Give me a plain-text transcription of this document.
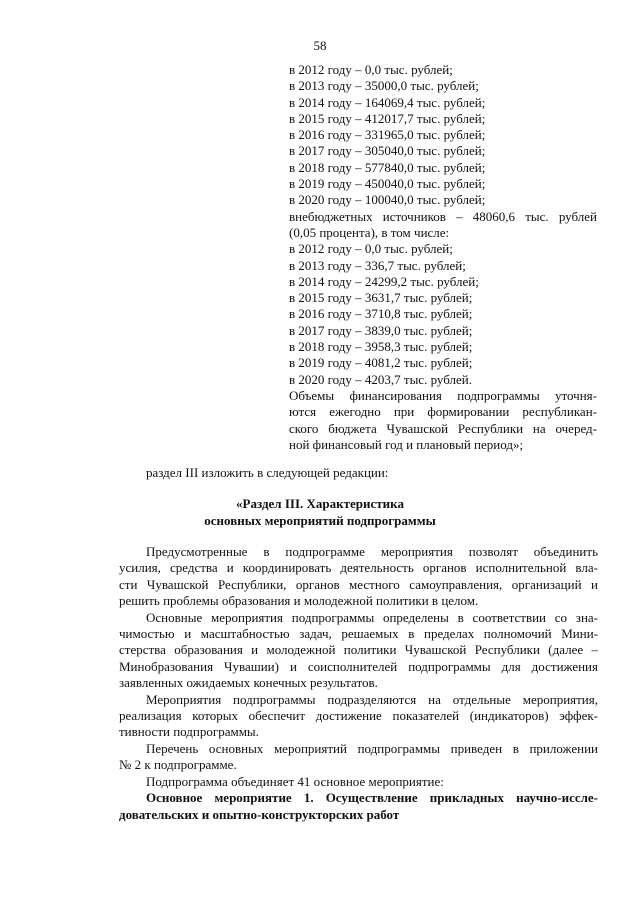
58
в 2012 году – 0,0 тыс. рублей;
в 2013 году – 35000,0 тыс. рублей;
в 2014 году – 164069,4 тыс. рублей;
в 2015 году – 412017,7 тыс. рублей;
в 2016 году – 331965,0 тыс. рублей;
в 2017 году – 305040,0 тыс. рублей;
в 2018 году – 577840,0 тыс. рублей;
в 2019 году – 450040,0 тыс. рублей;
в 2020 году – 100040,0 тыс. рублей;
внебюджетных источников – 48060,6 тыс. рублей
(0,05 процента), в том числе:
в 2012 году – 0,0 тыс. рублей;
в 2013 году – 336,7 тыс. рублей;
в 2014 году – 24299,2 тыс. рублей;
в 2015 году – 3631,7 тыс. рублей;
в 2016 году – 3710,8 тыс. рублей;
в 2017 году – 3839,0 тыс. рублей;
в 2018 году – 3958,3 тыс. рублей;
в 2019 году – 4081,2 тыс. рублей;
в 2020 году – 4203,7 тыс. рублей.
Объемы финансирования подпрограммы уточня-
ются ежегодно при формировании республикан-
ского бюджета Чувашской Республики на очеред-
ной финансовый год и плановый период»;
раздел III изложить в следующей редакции:
«Раздел III. Характеристика
основных мероприятий подпрограммы
Предусмотренные в подпрограмме мероприятия позволят объединить
усилия, средства и координировать деятельность органов исполнительной вла-
сти Чувашской Республики, органов местного самоуправления, организаций и
решить проблемы образования и молодежной политики в целом.
Основные мероприятия подпрограммы определены в соответствии со зна-
чимостью и масштабностью задач, решаемых в пределах полномочий Мини-
стерства образования и молодежной политики Чувашской Республики (далее –
Минобразования Чувашии) и соисполнителей подпрограммы для достижения
заявленных ожидаемых конечных результатов.
Мероприятия подпрограммы подразделяются на отдельные мероприятия,
реализация которых обеспечит достижение показателей (индикаторов) эффек-
тивности подпрограммы.
Перечень основных мероприятий подпрограммы приведен в приложении
№ 2 к подпрограмме.
Подпрограмма объединяет 41 основное мероприятие:
Основное мероприятие 1. Осуществление прикладных научно-иссле-
довательских и опытно-конструкторских работ
